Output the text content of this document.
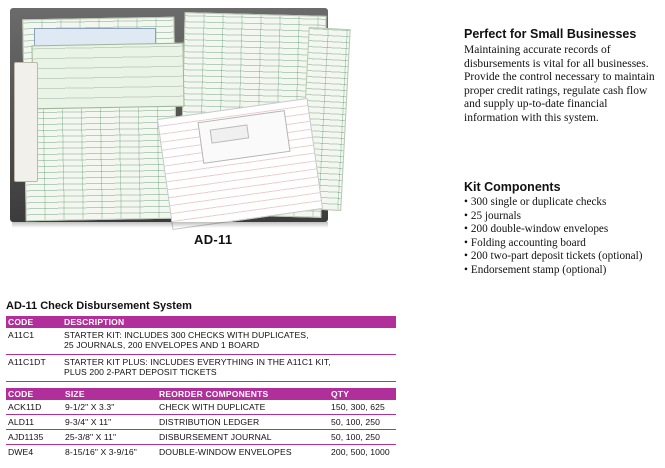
AD-11
Perfect for Small Businesses

Maintaining accurate records of disbursements is vital for all businesses. Provide the control necessary to maintain proper credit ratings, regulate cash flow and supply up-to-date financial information with this system.

Kit Components
• 300 single or duplicate checks
• 25 journals
• 200 double-window envelopes
• Folding accounting board
• 200 two-part deposit tickets (optional)
• Endorsement stamp (optional)
AD-11 Check Disbursement System
CODE	DESCRIPTION
A11C1	STARTER KIT: INCLUDES 300 CHECKS WITH DUPLICATES,
25 JOURNALS, 200 ENVELOPES AND 1 BOARD

A11C1DT	STARTER KIT PLUS: INCLUDES EVERYTHING IN THE A11C1 KIT,
PLUS 200 2-PART DEPOSIT TICKETS
CODE	SIZE	REORDER COMPONENTS	QTY
ACK11D	9-1/2" X 3.3"	CHECK WITH DUPLICATE	150, 300, 625
ALD11	9-3/4" X 11"	DISTRIBUTION LEDGER	50, 100, 250
AJD1135	25-3/8" X 11"	DISBURSEMENT JOURNAL	50, 100, 250
DWE4	8-15/16" X 3-9/16"	DOUBLE-WINDOW ENVELOPES	200, 500, 1000
